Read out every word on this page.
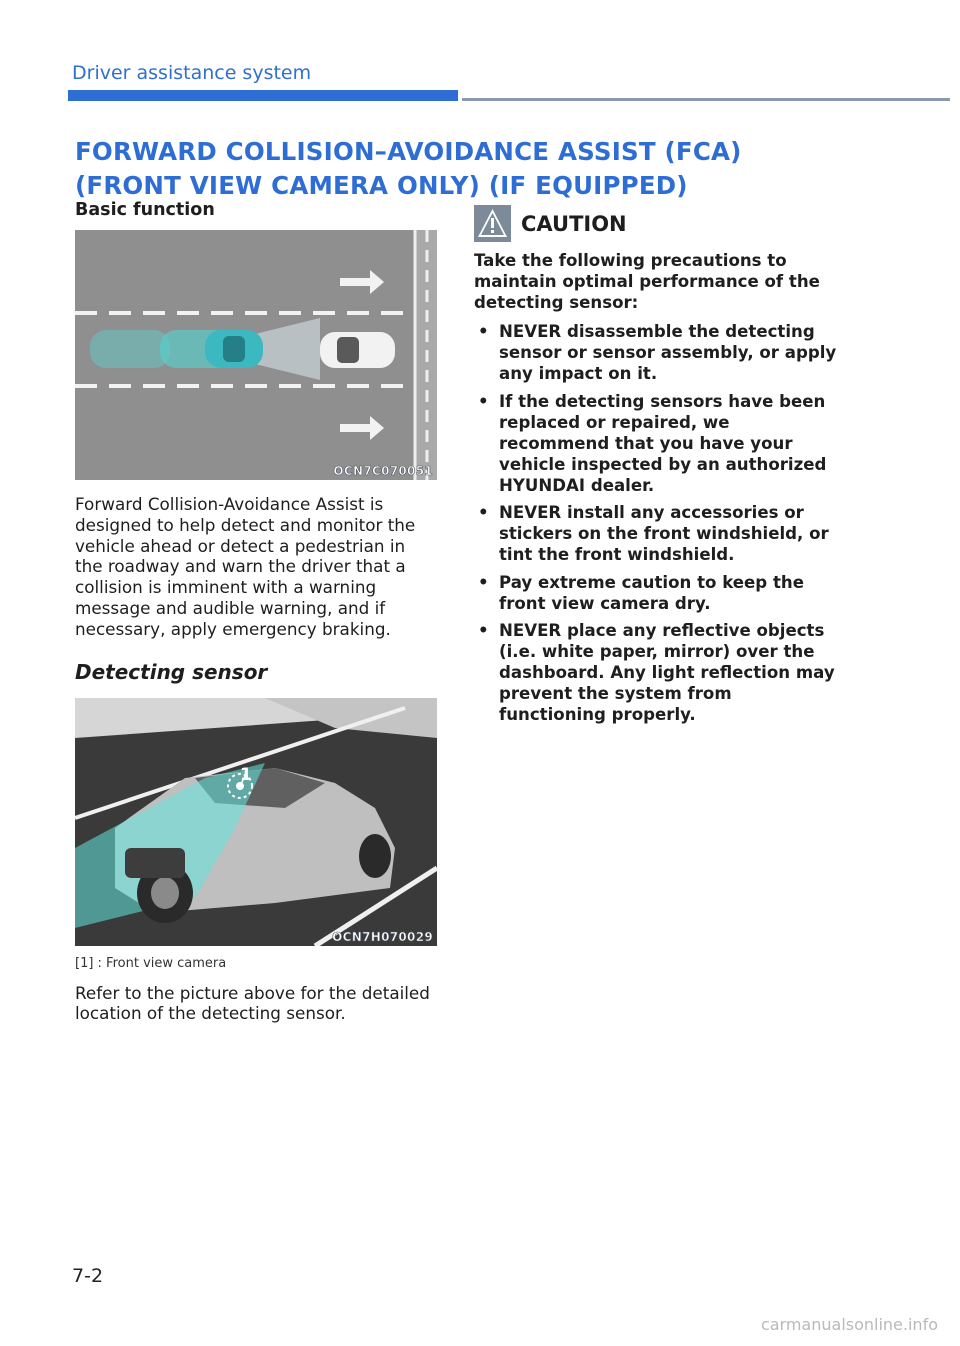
Driver assistance system
FORWARD COLLISION–AVOIDANCE ASSIST (FCA) (FRONT VIEW CAMERA ONLY) (IF EQUIPPED)
Basic function
OCN7C070051

Forward Collision-Avoidance Assist is designed to help detect and monitor the vehicle ahead or detect a pedestrian in the roadway and warn the driver that a collision is imminent with a warning message and audible warning, and if necessary, apply emergency braking.

Detecting sensor
1
OCN7H070029

[1] : Front view camera

Refer to the picture above for the detailed location of the detecting sensor.

CAUTION

Take the following precautions to maintain optimal performance of the detecting sensor:

• NEVER disassemble the detecting sensor or sensor assembly, or apply any impact on it.
• If the detecting sensors have been replaced or repaired, we recommend that you have your vehicle inspected by an authorized HYUNDAI dealer.
• NEVER install any accessories or stickers on the front windshield, or tint the front windshield.
• Pay extreme caution to keep the front view camera dry.
• NEVER place any reflective objects (i.e. white paper, mirror) over the dashboard. Any light reflection may prevent the system from functioning properly.
7-2
carmanualsonline.info
